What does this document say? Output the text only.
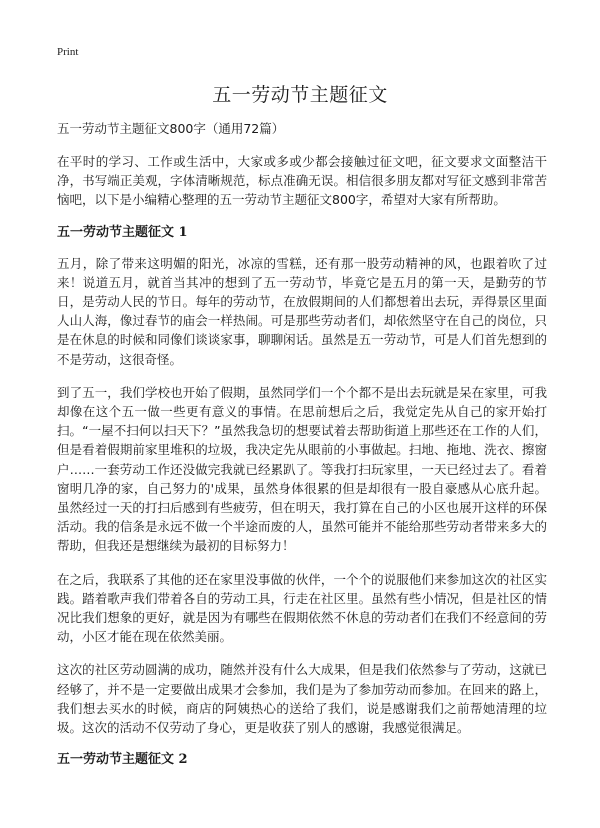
Print
五一劳动节主题征文

五一劳动节主题征文800字（通用72篇）

在平时的学习、工作或生活中，大家或多或少都会接触过征文吧，征文要求文面整洁干净，书写端正美观，字体清晰规范，标点准确无误。相信很多朋友都对写征文感到非常苦恼吧，以下是小编精心整理的五一劳动节主题征文800字，希望对大家有所帮助。

五一劳动节主题征文 1

五月，除了带来这明媚的阳光，冰凉的雪糕，还有那一股劳动精神的风，也跟着吹了过来！说道五月，就首当其冲的想到了五一劳动节，毕竟它是五月的第一天，是勤劳的节日，是劳动人民的节日。每年的劳动节，在放假期间的人们都想着出去玩，弄得景区里面人山人海，像过春节的庙会一样热闹。可是那些劳动者们，却依然坚守在自己的岗位，只是在休息的时候和同像们谈谈家事，聊聊闲话。虽然是五一劳动节，可是人们首先想到的不是劳动，这很奇怪。

到了五一，我们学校也开始了假期，虽然同学们一个个都不是出去玩就是呆在家里，可我却像在这个五一做一些更有意义的事情。在思前想后之后，我觉定先从自己的家开始打扫。“一屋不扫何以扫天下？”虽然我急切的想要试着去帮助街道上那些还在工作的人们，但是看着假期前家里堆积的垃圾，我决定先从眼前的小事做起。扫地、拖地、洗衣、擦窗户……一套劳动工作还没做完我就已经累趴了。等我打扫玩家里，一天已经过去了。看着窗明几净的家，自己努力的'成果，虽然身体很累的但是却很有一股自豪感从心底升起。虽然经过一天的打扫后感到有些疲劳，但在明天，我打算在自己的小区也展开这样的环保活动。我的信条是永远不做一个半途而废的人，虽然可能并不能给那些劳动者带来多大的帮助，但我还是想继续为最初的目标努力！

在之后，我联系了其他的还在家里没事做的伙伴，一个个的说服他们来参加这次的社区实践。踏着歌声我们带着各自的劳动工具，行走在社区里。虽然有些小情况，但是社区的情况比我们想象的更好，就是因为有哪些在假期依然不休息的劳动者们在我们不经意间的劳动，小区才能在现在依然美丽。

这次的社区劳动圆满的成功，随然并没有什么大成果，但是我们依然参与了劳动，这就已经够了，并不是一定要做出成果才会参加，我们是为了参加劳动而参加。在回来的路上，我们想去买水的时候，商店的阿姨热心的送给了我们，说是感谢我们之前帮她清理的垃圾。这次的活动不仅劳动了身心，更是收获了别人的感谢，我感觉很满足。

五一劳动节主题征文 2
